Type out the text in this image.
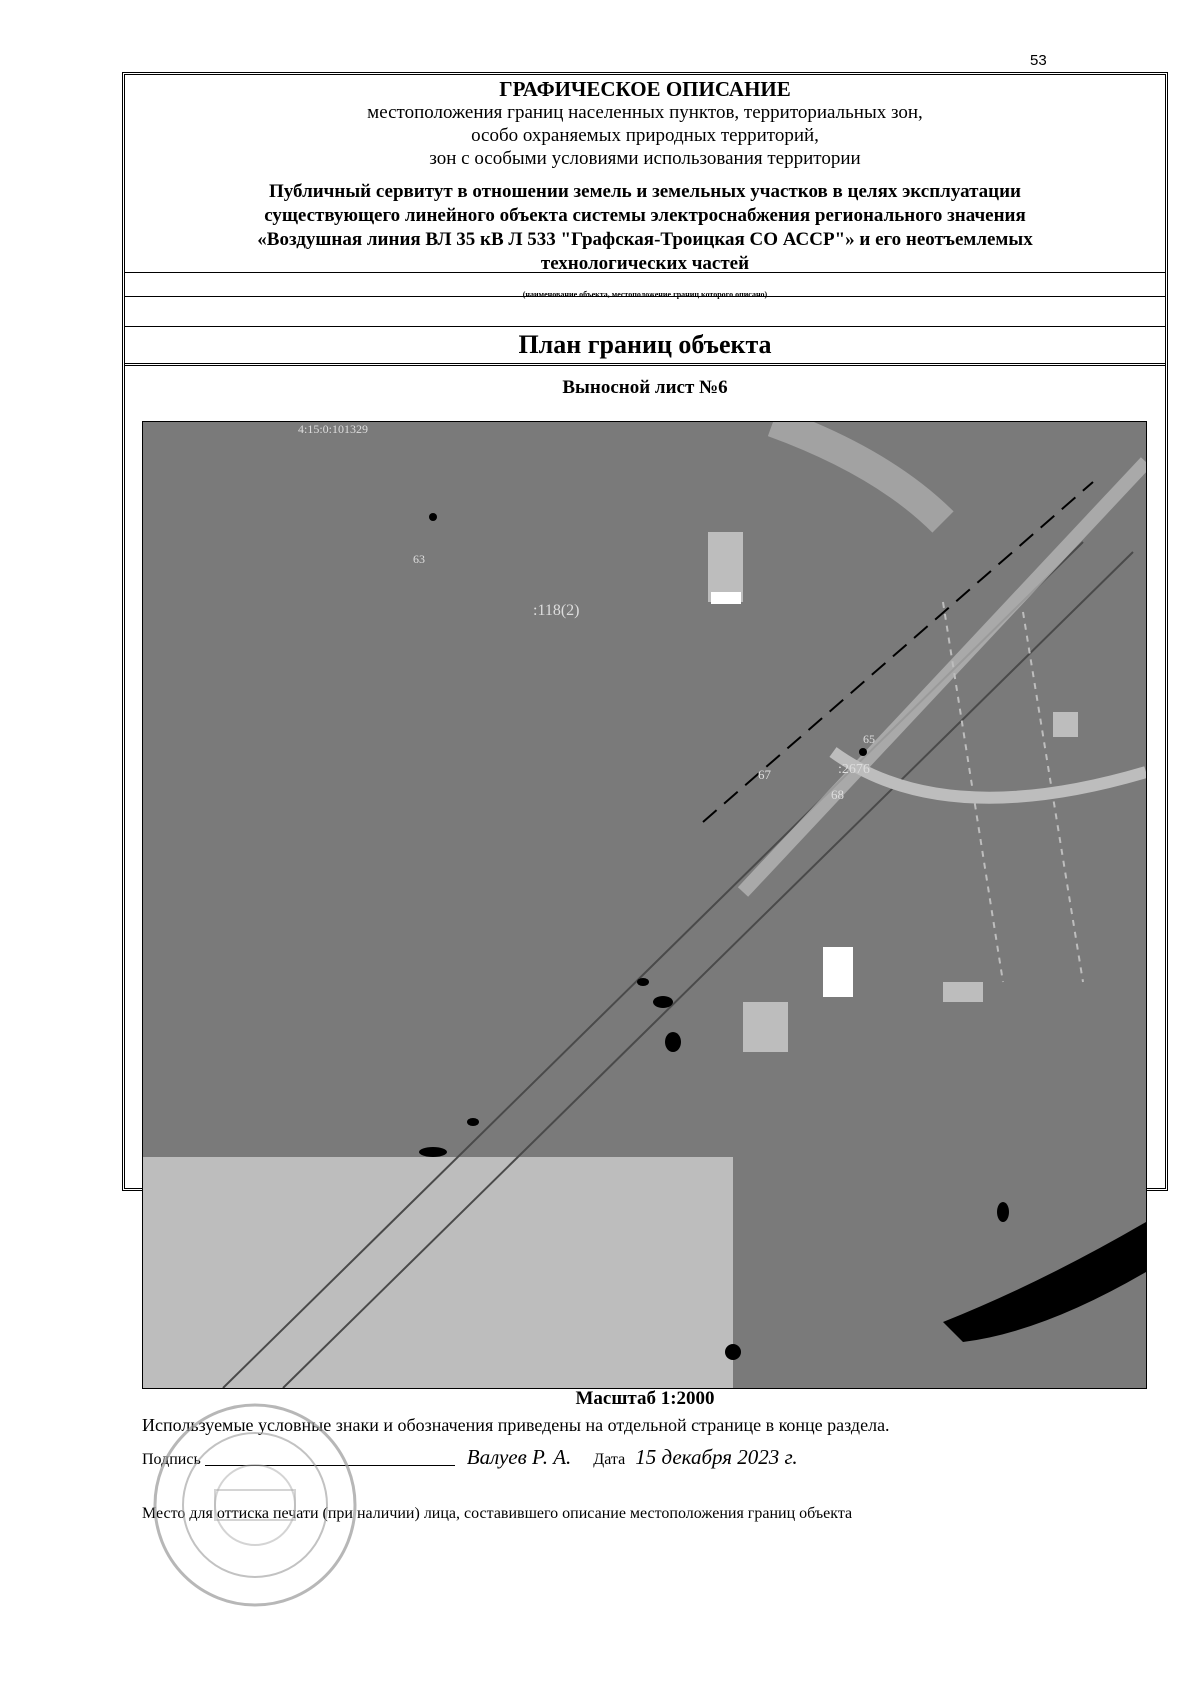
53
ГРАФИЧЕСКОЕ ОПИСАНИЕ
местоположения границ населенных пунктов, территориальных зон,
особо охраняемых природных территорий,
зон с особыми условиями использования территории
Публичный сервитут в отношении земель и земельных участков в целях эксплуатации
существующего линейного объекта системы электроснабжения регионального значения
«Воздушная линия ВЛ 35 кВ Л 533 "Графская-Троицкая СО АССР"» и его неотъемлемых
технологических частей
(наименование объекта, местоположение границ которого описано)
План границ объекта
Выносной лист №6
4:15:0:101329
63
:118(2)
67
68
65
:2676
Масштаб 1:2000
Используемые условные знаки и обозначения приведены на отдельной странице в конце раздела.
Подпись	Валуев Р. А. Дата 15 декабря 2023 г.
Место для оттиска печати (при наличии) лица, составившего описание местоположения границ объекта
